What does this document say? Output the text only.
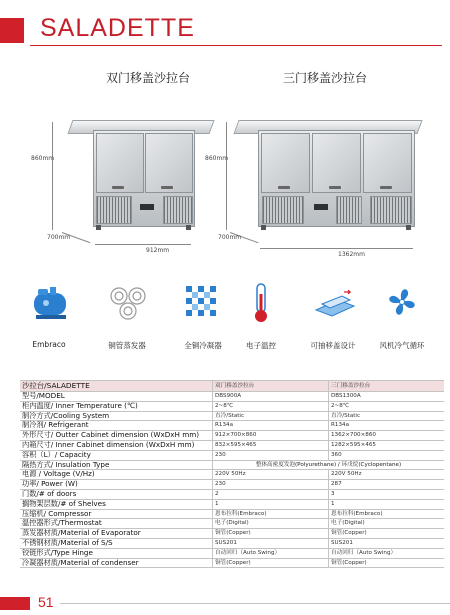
SALADETTE
双门移盖沙拉台	三门移盖沙拉台
860mm
700mm
912mm
860mm
700mm
1362mm
Embraco	铜管蒸发器	全铜冷凝器	电子温控	可抽移盖设计	风机冷气循环
沙拉台/SALADETTE	双门移盖沙拉台	三门移盖沙拉台
型号/MODEL	DBS900A	DBS1300A
柜内温度/ Inner Temperature (℃)	2~8℃	2~8℃
制冷方式/Cooling System	直冷/Static	直冷/Static
制冷剂/ Refrigerant	R134a	R134a
外形尺寸/ Outter Cabinet dimension (WxDxH mm)	912×700×860	1362×700×860
内箱尺寸/ Inner Cabinet dimension (WxDxH mm)	832×595×465	1282×595×465
容积（L）/ Capacity	230	360
隔热方式/ Insulation Type	整体高密度发泡(Polyurethane) / 环戊烷(Cyclopentane)	
电源 / Voltage (V/Hz)	220V 50Hz	220V 50Hz
功率/ Power (W)	230	287
门数/# of doors	2	3
搁物架层数/# of Shelves	1	1
压缩机/ Compressor	恩布拉科(Embraco)	恩布拉科(Embraco)
温控器形式/Thermostat	电子(Digital)	电子(Digital)
蒸发器材质/Material of Evaporator	铜管(Copper)	铜管(Copper)
不锈钢材质/Material of S/S	SUS201	SUS201
铰链形式/Type Hinge	自动回归（Auto Swing）	自动回归（Auto Swing）
冷凝器材质/Material of condenser	铜管(Copper)	铜管(Copper)
51
